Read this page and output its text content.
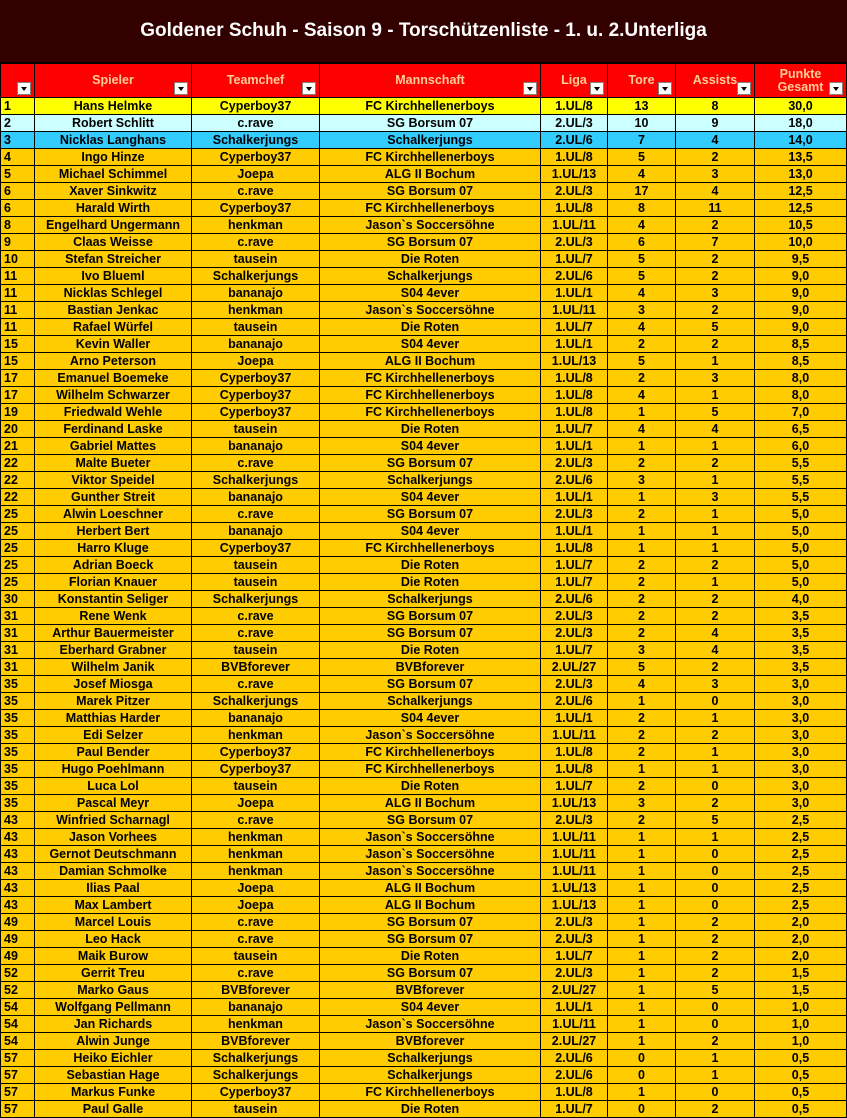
Goldener Schuh - Saison 9 - Torschützenliste - 1. u. 2.Unterliga

	Spieler	Teamchef	Mannschaft	Liga	Tore	Assists	Punkte Gesamt

1	Hans Helmke	Cyperboy37	FC Kirchhellenerboys	1.UL/8	13	8	30,0
2	Robert Schlitt	c.rave	SG Borsum 07	2.UL/3	10	9	18,0
3	Nicklas Langhans	Schalkerjungs	Schalkerjungs	2.UL/6	7	4	14,0
4	Ingo Hinze	Cyperboy37	FC Kirchhellenerboys	1.UL/8	5	2	13,5
5	Michael Schimmel	Joepa	ALG II Bochum	1.UL/13	4	3	13,0
6	Xaver Sinkwitz	c.rave	SG Borsum 07	2.UL/3	17	4	12,5
6	Harald Wirth	Cyperboy37	FC Kirchhellenerboys	1.UL/8	8	11	12,5
8	Engelhard Ungermann	henkman	Jason`s Soccersöhne	1.UL/11	4	2	10,5
9	Claas Weisse	c.rave	SG Borsum 07	2.UL/3	6	7	10,0
10	Stefan Streicher	tausein	Die Roten	1.UL/7	5	2	9,5
11	Ivo Blueml	Schalkerjungs	Schalkerjungs	2.UL/6	5	2	9,0
11	Nicklas Schlegel	bananajo	S04 4ever	1.UL/1	4	3	9,0
11	Bastian Jenkac	henkman	Jason`s Soccersöhne	1.UL/11	3	2	9,0
11	Rafael Würfel	tausein	Die Roten	1.UL/7	4	5	9,0
15	Kevin Waller	bananajo	S04 4ever	1.UL/1	2	2	8,5
15	Arno Peterson	Joepa	ALG II Bochum	1.UL/13	5	1	8,5
17	Emanuel Boemeke	Cyperboy37	FC Kirchhellenerboys	1.UL/8	2	3	8,0
17	Wilhelm Schwarzer	Cyperboy37	FC Kirchhellenerboys	1.UL/8	4	1	8,0
19	Friedwald Wehle	Cyperboy37	FC Kirchhellenerboys	1.UL/8	1	5	7,0
20	Ferdinand Laske	tausein	Die Roten	1.UL/7	4	4	6,5
21	Gabriel Mattes	bananajo	S04 4ever	1.UL/1	1	1	6,0
22	Malte Bueter	c.rave	SG Borsum 07	2.UL/3	2	2	5,5
22	Viktor Speidel	Schalkerjungs	Schalkerjungs	2.UL/6	3	1	5,5
22	Gunther Streit	bananajo	S04 4ever	1.UL/1	1	3	5,5
25	Alwin Loeschner	c.rave	SG Borsum 07	2.UL/3	2	1	5,0
25	Herbert Bert	bananajo	S04 4ever	1.UL/1	1	1	5,0
25	Harro Kluge	Cyperboy37	FC Kirchhellenerboys	1.UL/8	1	1	5,0
25	Adrian Boeck	tausein	Die Roten	1.UL/7	2	2	5,0
25	Florian Knauer	tausein	Die Roten	1.UL/7	2	1	5,0
30	Konstantin Seliger	Schalkerjungs	Schalkerjungs	2.UL/6	2	2	4,0
31	Rene Wenk	c.rave	SG Borsum 07	2.UL/3	2	2	3,5
31	Arthur Bauermeister	c.rave	SG Borsum 07	2.UL/3	2	4	3,5
31	Eberhard Grabner	tausein	Die Roten	1.UL/7	3	4	3,5
31	Wilhelm Janik	BVBforever	BVBforever	2.UL/27	5	2	3,5
35	Josef Miosga	c.rave	SG Borsum 07	2.UL/3	4	3	3,0
35	Marek Pitzer	Schalkerjungs	Schalkerjungs	2.UL/6	1	0	3,0
35	Matthias Harder	bananajo	S04 4ever	1.UL/1	2	1	3,0
35	Edi Selzer	henkman	Jason`s Soccersöhne	1.UL/11	2	2	3,0
35	Paul Bender	Cyperboy37	FC Kirchhellenerboys	1.UL/8	2	1	3,0
35	Hugo Poehlmann	Cyperboy37	FC Kirchhellenerboys	1.UL/8	1	1	3,0
35	Luca Lol	tausein	Die Roten	1.UL/7	2	0	3,0
35	Pascal Meyr	Joepa	ALG II Bochum	1.UL/13	3	2	3,0
43	Winfried Scharnagl	c.rave	SG Borsum 07	2.UL/3	2	5	2,5
43	Jason Vorhees	henkman	Jason`s Soccersöhne	1.UL/11	1	1	2,5
43	Gernot Deutschmann	henkman	Jason`s Soccersöhne	1.UL/11	1	0	2,5
43	Damian Schmolke	henkman	Jason`s Soccersöhne	1.UL/11	1	0	2,5
43	Ilias Paal	Joepa	ALG II Bochum	1.UL/13	1	0	2,5
43	Max Lambert	Joepa	ALG II Bochum	1.UL/13	1	0	2,5
49	Marcel Louis	c.rave	SG Borsum 07	2.UL/3	1	2	2,0
49	Leo Hack	c.rave	SG Borsum 07	2.UL/3	1	2	2,0
49	Maik Burow	tausein	Die Roten	1.UL/7	1	2	2,0
52	Gerrit Treu	c.rave	SG Borsum 07	2.UL/3	1	2	1,5
52	Marko Gaus	BVBforever	BVBforever	2.UL/27	1	5	1,5
54	Wolfgang Pellmann	bananajo	S04 4ever	1.UL/1	1	0	1,0
54	Jan Richards	henkman	Jason`s Soccersöhne	1.UL/11	1	0	1,0
54	Alwin Junge	BVBforever	BVBforever	2.UL/27	1	2	1,0
57	Heiko Eichler	Schalkerjungs	Schalkerjungs	2.UL/6	0	1	0,5
57	Sebastian Hage	Schalkerjungs	Schalkerjungs	2.UL/6	0	1	0,5
57	Markus Funke	Cyperboy37	FC Kirchhellenerboys	1.UL/8	1	0	0,5
57	Paul Galle	tausein	Die Roten	1.UL/7	0	2	0,5
